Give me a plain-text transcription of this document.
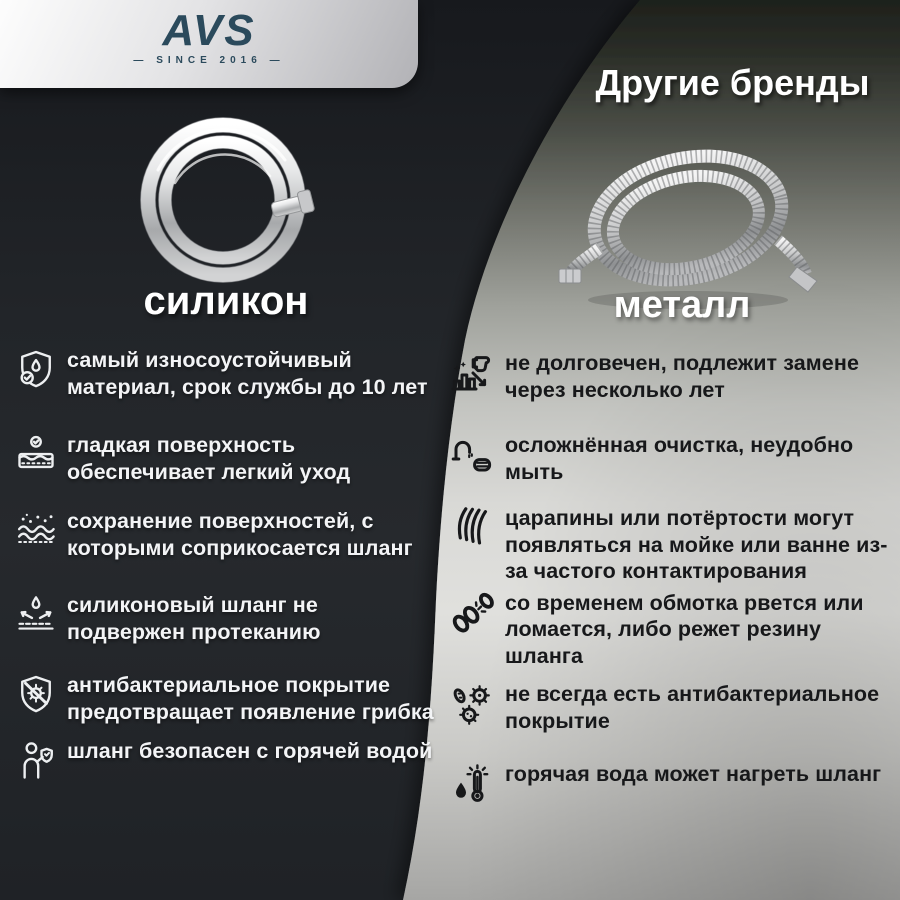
AVS
— SINCE 2016 —
Другие бренды
силикон	металл
самый износоустойчивый материал, срок службы до 10 лет
гладкая поверхность обеспечивает легкий уход
сохранение поверхностей, с которыми соприкосается шланг
силиконовый шланг не подвержен протеканию
антибактериальное покрытие предотвращает появление грибка
шланг безопасен с горячей водой
не долговечен, подлежит замене через несколько лет
осложнённая очистка, неудобно мыть
царапины или потёртости могут появляться на мойке или ванне из-за частого контактирования
со временем обмотка рвется или ломается, либо режет резину шланга
не всегда есть антибактериальное покрытие
горячая вода может нагреть шланг
